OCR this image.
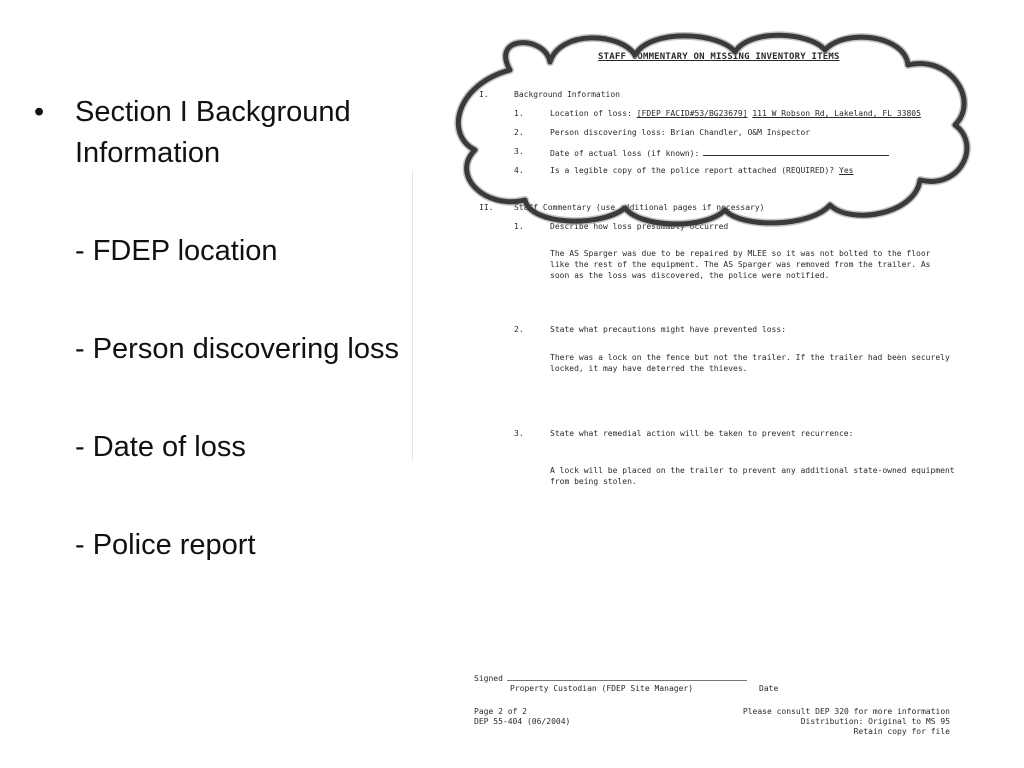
• Section I Background Information
- FDEP location
- Person discovering loss
- Date of loss
- Police report
STAFF COMMENTARY ON MISSING INVENTORY ITEMS
I.	Background Information
1.	Location of loss: [FDEP FACID#53/BG23679] 111 W Robson Rd, Lakeland, FL 33805
2.	Person discovering loss: Brian Chandler, O&M Inspector
3.	Date of actual loss (if known):
4.	Is a legible copy of the police report attached (REQUIRED)? Yes
II.	Staff Commentary (use additional pages if necessary)
1.	Describe how loss presumably occurred
The AS Sparger was due to be repaired by MLEE so it was not bolted to the floor like the rest of the equipment. The AS Sparger was removed from the trailer. As soon as the loss was discovered, the police were notified.
2.	State what precautions might have prevented loss:
There was a lock on the fence but not the trailer. If the trailer had been securely locked, it may have deterred the thieves.
3.	State what remedial action will be taken to prevent recurrence:
A lock will be placed on the trailer to prevent any additional state-owned equipment from being stolen.
Signed
Property Custodian (FDEP Site Manager)	Date
Page 2 of 2
DEP 55-404 (06/2004)
Please consult DEP 320 for more information
Distribution: Original to MS 95
Retain copy for file
